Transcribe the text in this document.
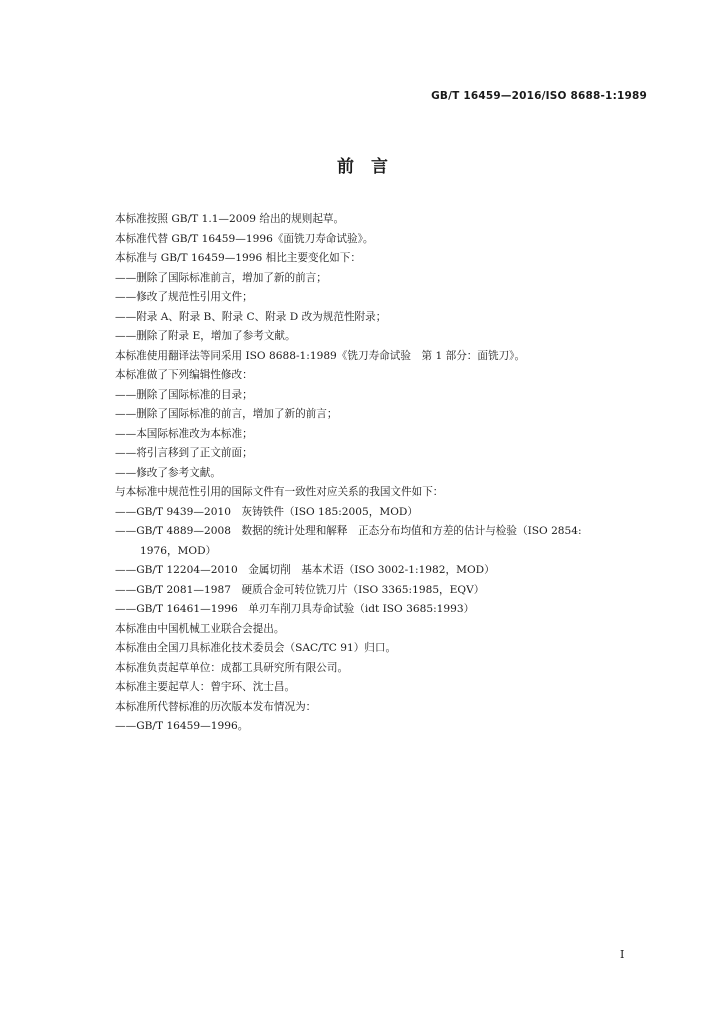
GB/T 16459—2016/ISO 8688-1:1989
前　言
本标准按照 GB/T 1.1—2009 给出的规则起草。
本标准代替 GB/T 16459—1996《面铣刀寿命试验》。
本标准与 GB/T 16459—1996 相比主要变化如下：
——删除了国际标准前言，增加了新的前言；
——修改了规范性引用文件；
——附录 A、附录 B、附录 C、附录 D 改为规范性附录；
——删除了附录 E，增加了参考文献。
本标准使用翻译法等同采用 ISO 8688-1:1989《铣刀寿命试验　第 1 部分：面铣刀》。
本标准做了下列编辑性修改：
——删除了国际标准的目录；
——删除了国际标准的前言，增加了新的前言；
——本国际标准改为本标准；
——将引言移到了正文前面；
——修改了参考文献。
与本标准中规范性引用的国际文件有一致性对应关系的我国文件如下：
——GB/T 9439—2010　灰铸铁件（ISO 185:2005，MOD）
——GB/T 4889—2008　数据的统计处理和解释　正态分布均值和方差的估计与检验（ISO 2854:
1976，MOD）
——GB/T 12204—2010　金属切削　基本术语（ISO 3002-1:1982，MOD）
——GB/T 2081—1987　硬质合金可转位铣刀片（ISO 3365:1985，EQV）
——GB/T 16461—1996　单刃车削刀具寿命试验（idt ISO 3685:1993）
本标准由中国机械工业联合会提出。
本标准由全国刀具标准化技术委员会（SAC/TC 91）归口。
本标准负责起草单位：成都工具研究所有限公司。
本标准主要起草人：曾宇环、沈士昌。
本标准所代替标准的历次版本发布情况为：
——GB/T 16459—1996。
I
